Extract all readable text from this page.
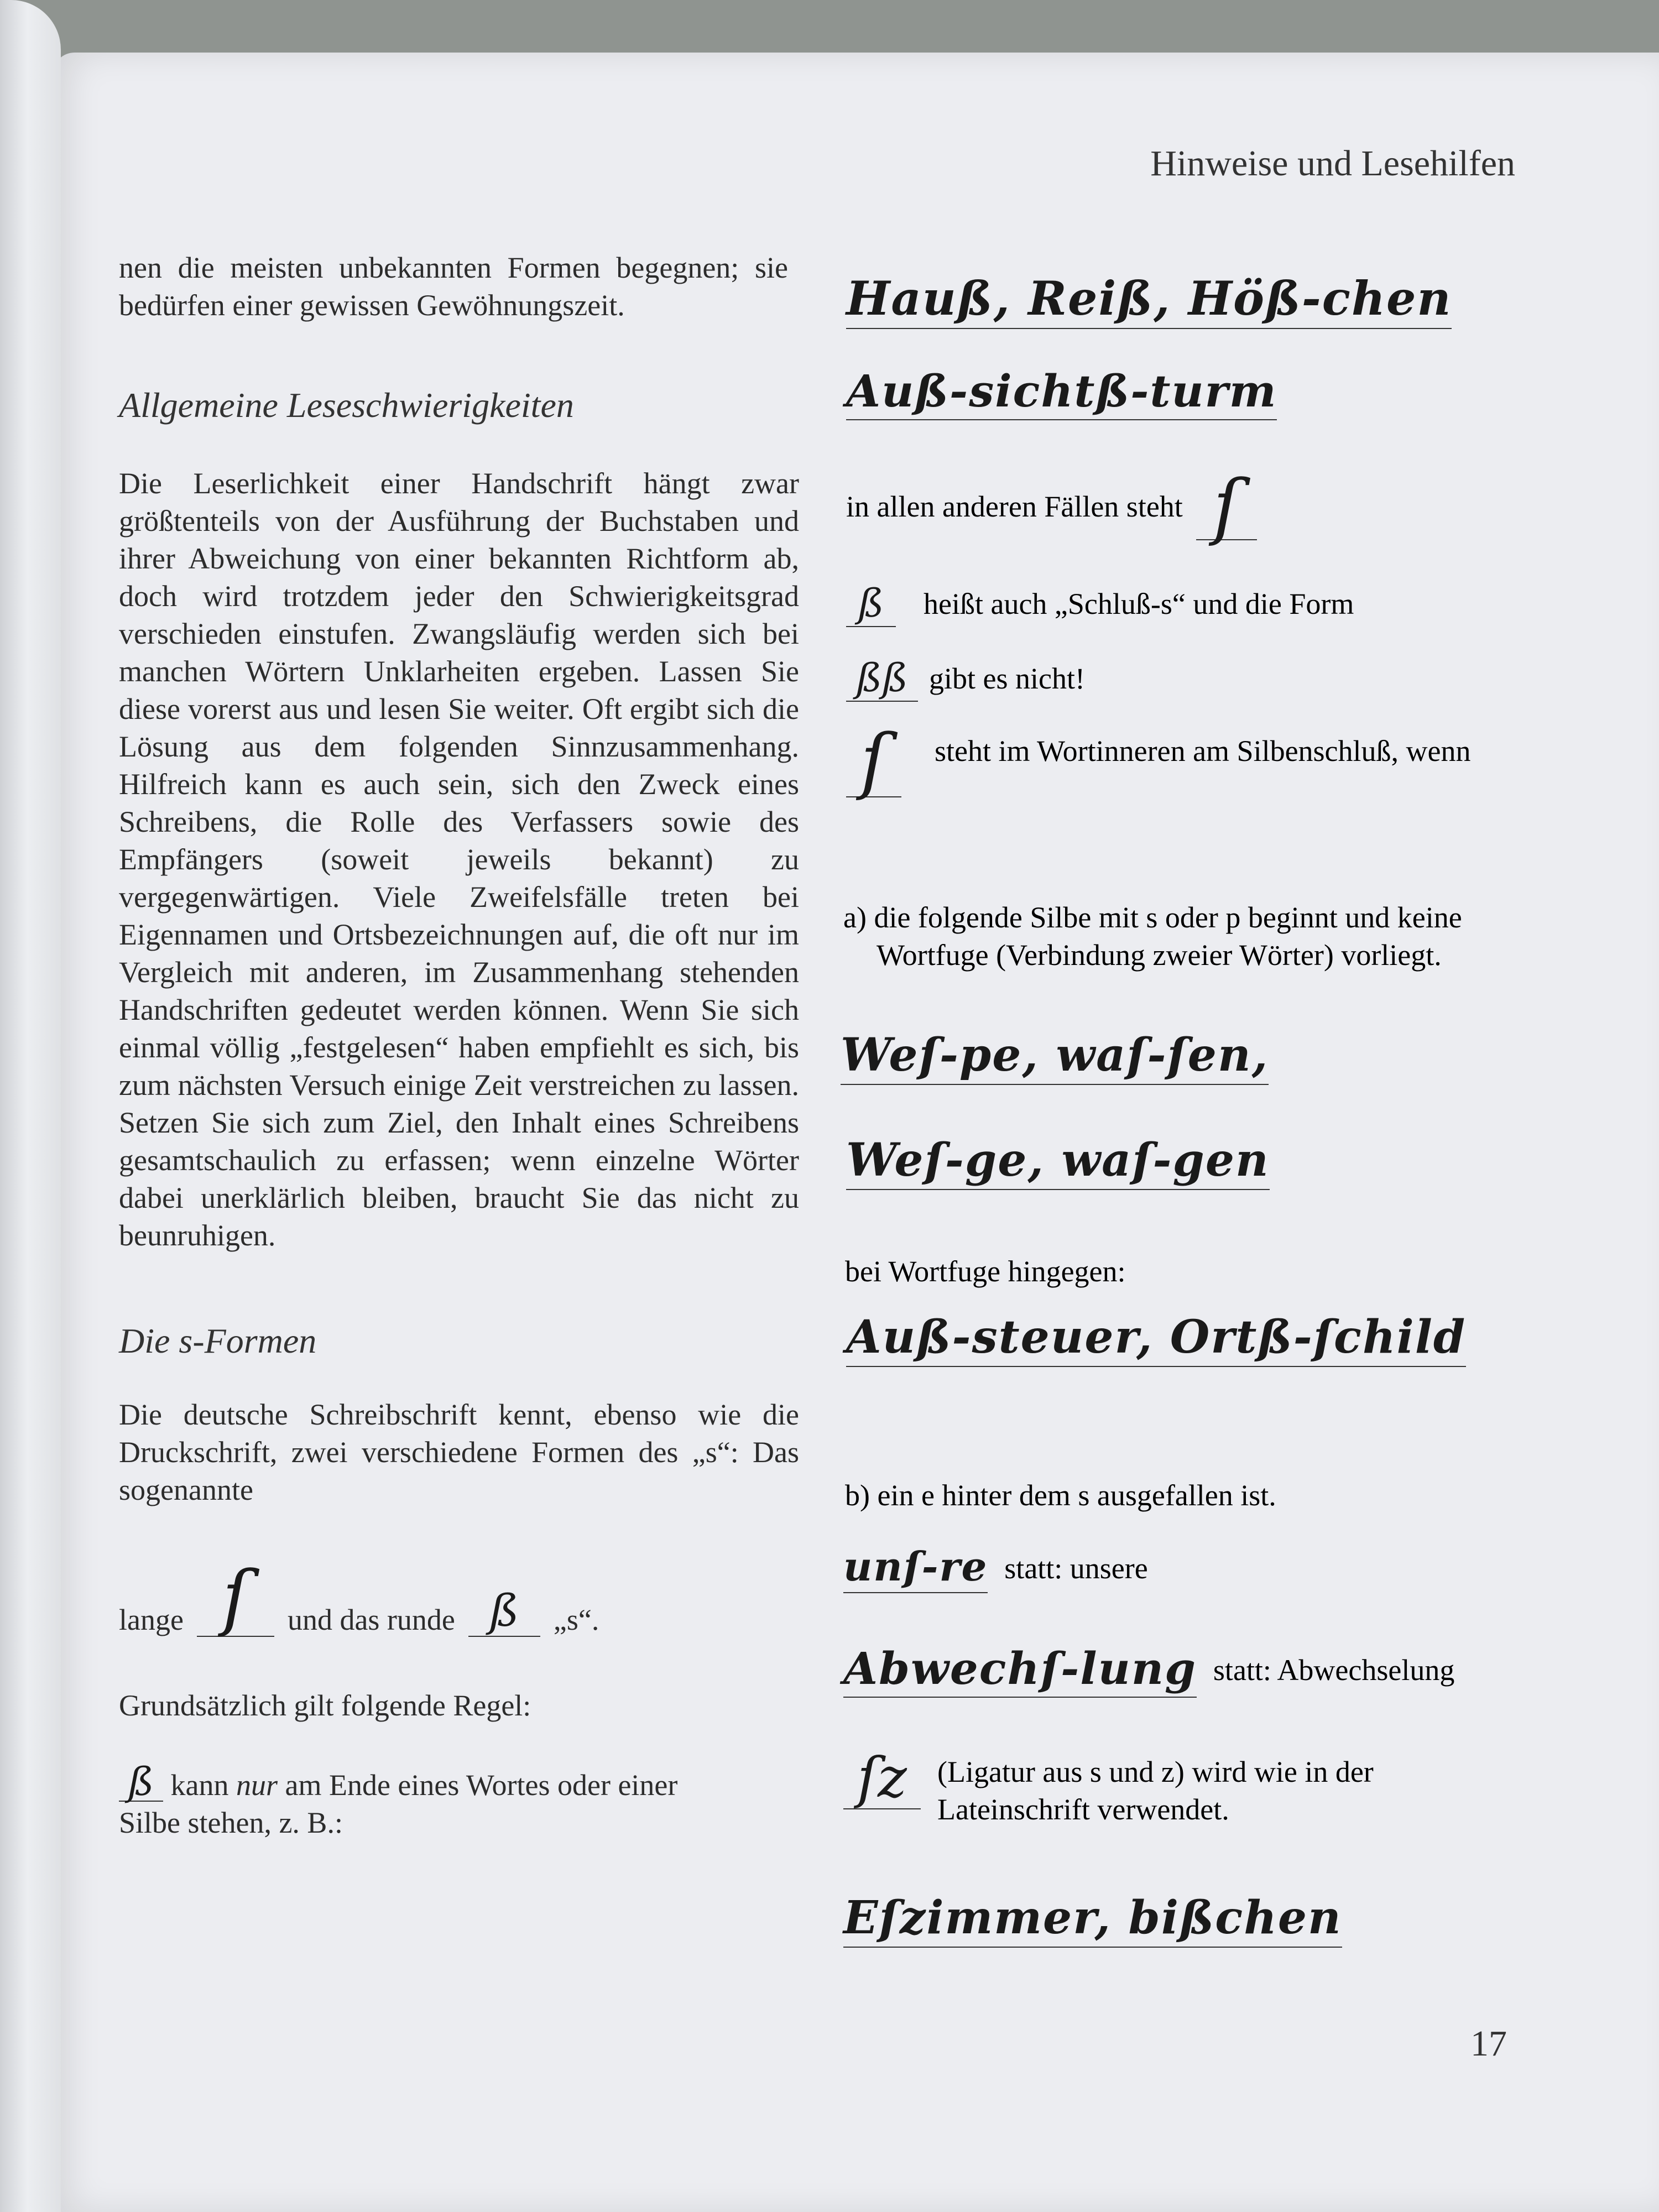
Hinweise und Lesehilfen

nen die meisten unbekannten Formen begegnen; sie bedürfen einer gewissen Gewöhnungszeit.

Allgemeine Leseschwierigkeiten

Die Leserlichkeit einer Handschrift hängt zwar größtenteils von der Ausführung der Buchstaben und ihrer Abweichung von einer bekannten Richtform ab, doch wird trotzdem jeder den Schwierigkeitsgrad verschieden einstufen. Zwangsläufig werden sich bei manchen Wörtern Unklarheiten ergeben. Lassen Sie diese vorerst aus und lesen Sie weiter. Oft ergibt sich die Lösung aus dem folgenden Sinnzusammenhang. Hilfreich kann es auch sein, sich den Zweck eines Schreibens, die Rolle des Verfassers sowie des Empfängers (soweit jeweils bekannt) zu vergegenwärtigen. Viele Zweifelsfälle treten bei Eigennamen und Ortsbezeichnungen auf, die oft nur im Vergleich mit anderen, im Zusammenhang stehenden Handschriften gedeutet werden können. Wenn Sie sich einmal völlig „festgelesen“ haben empfiehlt es sich, bis zum nächsten Versuch einige Zeit verstreichen zu lassen. Setzen Sie sich zum Ziel, den Inhalt eines Schreibens gesamtschaulich zu erfassen; wenn einzelne Wörter dabei unerklärlich bleiben, braucht Sie das nicht zu beunruhigen.

Die s-Formen

Die deutsche Schreibschrift kennt, ebenso wie die Druckschrift, zwei verschiedene Formen des „s“: Das sogenannte

lange ſ	und das runde ß	„s“.

Grundsätzlich gilt folgende Regel:

ß kann nur am Ende eines Wortes oder einer
Silbe stehen, z. B.:
Hauß, Reiß, Höß-chen
Auß-sichtß-turm
in allen anderen Fällen steht ſ
ß	heißt auch „Schluß-s“ und die Form
ßß gibt es nicht!
ſ	steht im Wortinneren am Silbenschluß, wenn

a) die folgende Silbe mit s oder p beginnt und keine Wortfuge (Verbindung zweier Wörter) vorliegt.

Weſ-pe, waſ-ſen,
Weſ-ge, waſ-gen

bei Wortfuge hingegen:

Auß-steuer, Ortß-ſchild

b) ein e hinter dem s ausgefallen ist.

unſ-re statt: unsere
Abwechſ-lung statt: Abwechselung
ſz	(Ligatur aus s und z) wird wie in der Lateinschrift verwendet.
Eſzimmer, bißchen
17
